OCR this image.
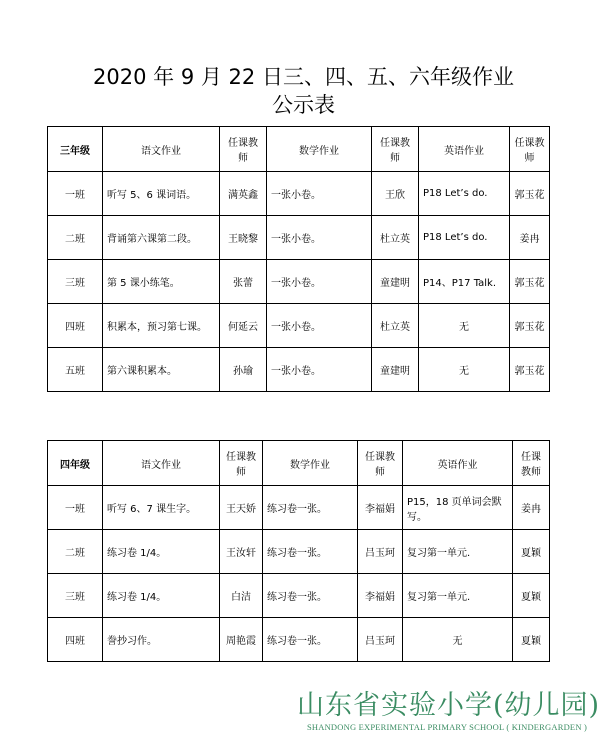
2020 年 9 月 22 日三、四、五、六年级作业
公示表
三年级	语文作业	任课教师	数学作业	任课教师	英语作业	任课教师
一班	听写 5、6 课词语。	满英鑫	一张小卷。	王欣	P18 Let’s do.	郭玉花
二班	背诵第六课第二段。	王晓黎	一张小卷。	杜立英	P18 Let’s do.	姜冉
三班	第 5 课小练笔。	张蕾	一张小卷。	童建明	P14、P17 Talk.	郭玉花
四班	积累本，预习第七课。	何延云	一张小卷。	杜立英	无	郭玉花
五班	第六课积累本。	孙瑜	一张小卷。	童建明	无	郭玉花
四年级	语文作业	任课教师	数学作业	任课教师	英语作业	任课教师
一班	听写 6、7 课生字。	王天娇	练习卷一张。	李福娟	P15，18 页单词会默写。	姜冉
二班	练习卷 1/4。	王汝轩	练习卷一张。	吕玉珂	复习第一单元.	夏颖
三班	练习卷 1/4。	白洁	练习卷一张。	李福娟	复习第一单元.	夏颖
四班	誊抄习作。	周艳霞	练习卷一张。	吕玉珂	无	夏颖
山东省实验小学(幼儿园)
SHANDONG EXPERIMENTAL PRIMARY SCHOOL ( KINDERGARDEN )
